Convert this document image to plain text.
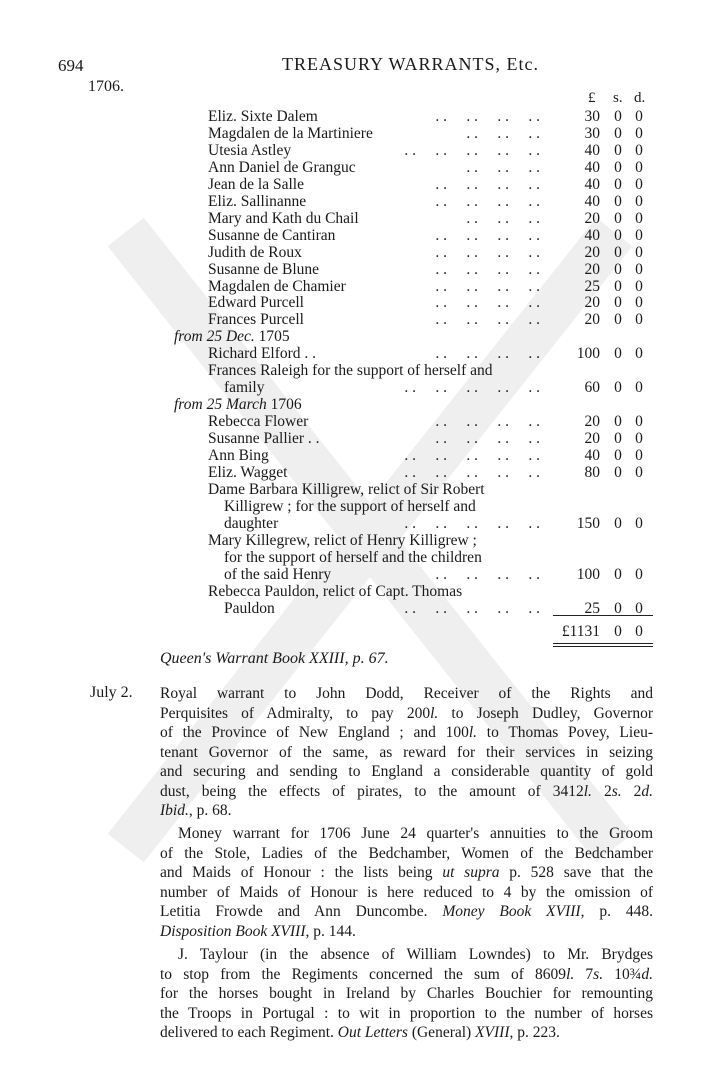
694	TREASURY WARRANTS, Etc.
1706.
£ s. d.
Eliz. Sixte Dalem	. .     . .     . .     . .	30 0 0
Magdalen de la Martiniere	. .     . .     . .	30 0 0
Utesia Astley	. .     . .     . .     . .     . .	40 0 0
Ann Daniel de Granguc	. .     . .     . .	40 0 0
Jean de la Salle	. .     . .     . .     . .	40 0 0
Eliz. Sallinanne	. .     . .     . .     . .	40 0 0
Mary and Kath du Chail	. .     . .     . .	20 0 0
Susanne de Cantiran	. .     . .     . .     . .	40 0 0
Judith de Roux	. .     . .     . .     . .	20 0 0
Susanne de Blune	. .     . .     . .     . .	20 0 0
Magdalen de Chamier	. .     . .     . .     . .	25 0 0
Edward Purcell	. .     . .     . .     . .	20 0 0
Frances Purcell	. .     . .     . .     . .	20 0 0
from 25 Dec. 1705
Richard Elford . .	. .     . .     . .     . .	100 0 0
Frances Raleigh for the support of herself and
family	. .     . .     . .     . .     . .	60 0 0
from 25 March 1706
Rebecca Flower	. .     . .     . .     . .	20 0 0
Susanne Pallier . .	. .     . .     . .     . .	20 0 0
Ann Bing	. .     . .     . .     . .     . .	40 0 0
Eliz. Wagget	. .     . .     . .     . .     . .	80 0 0
Dame Barbara Killigrew, relict of Sir Robert
Killigrew ; for the support of herself and
daughter	. .     . .     . .     . .     . .	150 0 0
Mary Killegrew, relict of Henry Killigrew ;
for the support of herself and the children
of the said Henry	. .     . .     . .     . .	100 0 0
Rebecca Pauldon, relict of Capt. Thomas
Pauldon	. .     . .     . .     . .     . .	25 0 0
£1131 0 0
Queen's Warrant Book XXIII, p. 67.
July 2. Royal warrant to John Dodd, Receiver of the Rights and
Perquisites of Admiralty, to pay 200l. to Joseph Dudley, Governor
of the Province of New England ; and 100l. to Thomas Povey, Lieu-
tenant Governor of the same, as reward for their services in seizing
and securing and sending to England a considerable quantity of gold
dust, being the effects of pirates, to the amount of 3412l. 2s. 2d.
Ibid., p. 68.
Money warrant for 1706 June 24 quarter's annuities to the Groom
of the Stole, Ladies of the Bedchamber, Women of the Bedchamber
and Maids of Honour : the lists being ut supra p. 528 save that the
number of Maids of Honour is here reduced to 4 by the omission of
Letitia Frowde and Ann Duncombe. Money Book XVIII, p. 448.
Disposition Book XVIII, p. 144.
J. Taylour (in the absence of William Lowndes) to Mr. Brydges
to stop from the Regiments concerned the sum of 8609l. 7s. 10¾d.
for the horses bought in Ireland by Charles Bouchier for remounting
the Troops in Portugal : to wit in proportion to the number of horses
delivered to each Regiment. Out Letters (General) XVIII, p. 223.
